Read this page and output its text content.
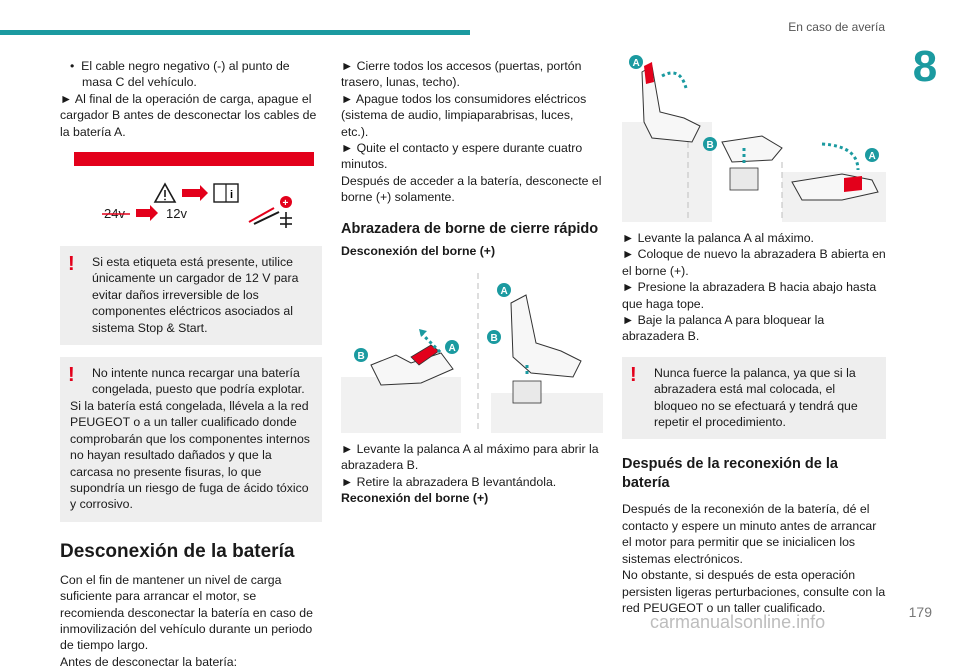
En caso de avería
8

•  El cable negro negativo (-) al punto de masa C del vehículo.

► Al final de la operación de carga, apague el cargador B antes de desconectar los cables de la batería A.

i
24v	12v
+
!	Si esta etiqueta está presente, utilice únicamente un cargador de 12 V para evitar daños irreversible de los componentes eléctricos asociados al sistema Stop & Start.

!	No intente nunca recargar una batería congelada, puesto que podría explotar.

Si la batería está congelada, llévela a la red PEUGEOT o a un taller cualificado donde comprobarán que los componentes internos no hayan resultado dañados y que la carcasa no presente fisuras, lo que supondría un riesgo de fuga de ácido tóxico y corrosivo.

Desconexión de la batería

Con el fin de mantener un nivel de carga suficiente para arrancar el motor, se recomienda desconectar la batería en caso de inmovilización del vehículo durante un periodo de tiempo largo.

Antes de desconectar la batería:

► Cierre todos los accesos (puertas, portón trasero, lunas, techo).

► Apague todos los consumidores eléctricos (sistema de audio, limpiaparabrisas, luces, etc.).

► Quite el contacto y espere durante cuatro minutos.

Después de acceder a la batería, desconecte el borne (+) solamente.

Abrazadera de borne de cierre rápido
Desconexión del borne (+)
A
B
A
B

► Levante la palanca A al máximo para abrir la abrazadera B.

► Retire la abrazadera B levantándola.

Reconexión del borne (+)
A
B
A

► Levante la palanca A al máximo.

► Coloque de nuevo la abrazadera B abierta en el borne (+).

► Presione la abrazadera B hacia abajo hasta que haga tope.

► Baje la palanca A para bloquear la abrazadera B.

!	Nunca fuerce la palanca, ya que si la abrazadera está mal colocada, el bloqueo no se efectuará y tendrá que repetir el procedimiento.

Después de la reconexión de la batería

Después de la reconexión de la batería, dé el contacto y espere un minuto antes de arrancar el motor para permitir que se inicialicen los sistemas electrónicos.

No obstante, si después de esta operación persisten ligeras perturbaciones, consulte con la red PEUGEOT o un taller cualificado.

carmanualsonline.info	179
